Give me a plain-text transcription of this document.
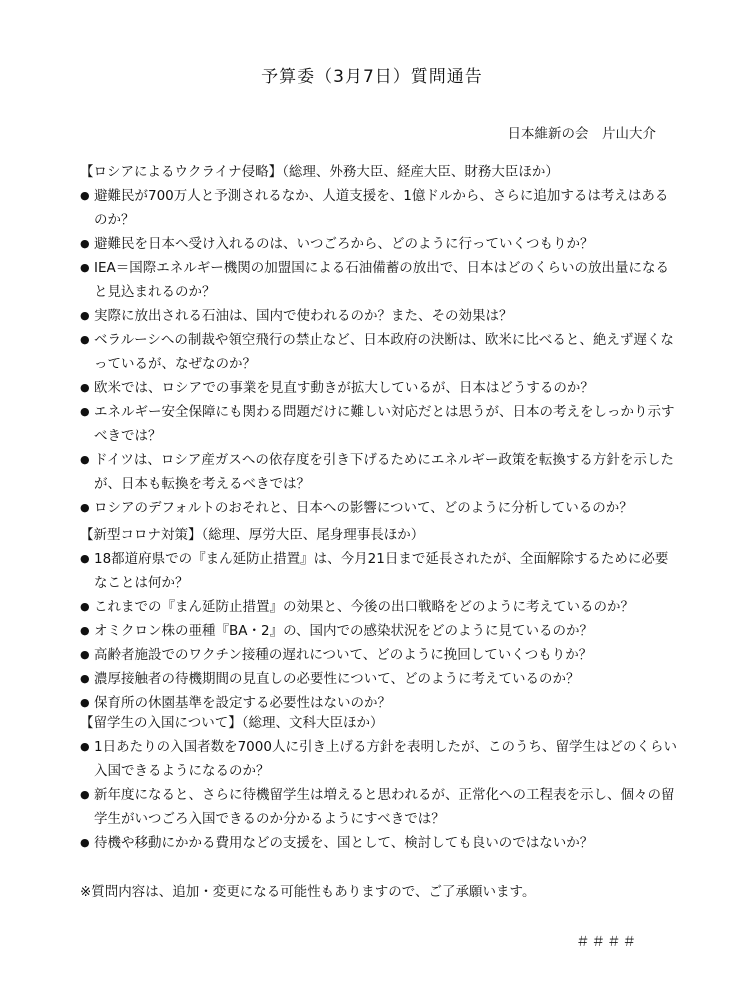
予算委（3月7日）質問通告
日本維新の会　片山大介
【ロシアによるウクライナ侵略】（総理、外務大臣、経産大臣、財務大臣ほか）
● 避難民が700万人と予測されるなか、人道支援を、1億ドルから、さらに追加するは考えはあるのか？
● 避難民を日本へ受け入れるのは、いつごろから、どのように行っていくつもりか？
● IEA＝国際エネルギー機関の加盟国による石油備蓄の放出で、日本はどのくらいの放出量になると見込まれるのか？
● 実際に放出される石油は、国内で使われるのか？また、その効果は？
● ベラルーシへの制裁や領空飛行の禁止など、日本政府の決断は、欧米に比べると、絶えず遅くなっているが、なぜなのか？
● 欧米では、ロシアでの事業を見直す動きが拡大しているが、日本はどうするのか？
● エネルギー安全保障にも関わる問題だけに難しい対応だとは思うが、日本の考えをしっかり示すべきでは？
● ドイツは、ロシア産ガスへの依存度を引き下げるためにエネルギー政策を転換する方針を示したが、日本も転換を考えるべきでは？
● ロシアのデフォルトのおそれと、日本への影響について、どのように分析しているのか？
【新型コロナ対策】（総理、厚労大臣、尾身理事長ほか）
● 18都道府県での『まん延防止措置』は、今月21日まで延長されたが、全面解除するために必要なことは何か？
● これまでの『まん延防止措置』の効果と、今後の出口戦略をどのように考えているのか？
● オミクロン株の亜種『BA・2』の、国内での感染状況をどのように見ているのか？
● 高齢者施設でのワクチン接種の遅れについて、どのように挽回していくつもりか？
● 濃厚接触者の待機期間の見直しの必要性について、どのように考えているのか？
● 保育所の休園基準を設定する必要性はないのか？
【留学生の入国について】（総理、文科大臣ほか）
● 1日あたりの入国者数を7000人に引き上げる方針を表明したが、このうち、留学生はどのくらい入国できるようになるのか？
● 新年度になると、さらに待機留学生は増えると思われるが、正常化への工程表を示し、個々の留学生がいつごろ入国できるのか分かるようにすべきでは？
● 待機や移動にかかる費用などの支援を、国として、検討しても良いのではないか？
※質問内容は、追加・変更になる可能性もありますので、ご了承願います。
＃＃＃＃
